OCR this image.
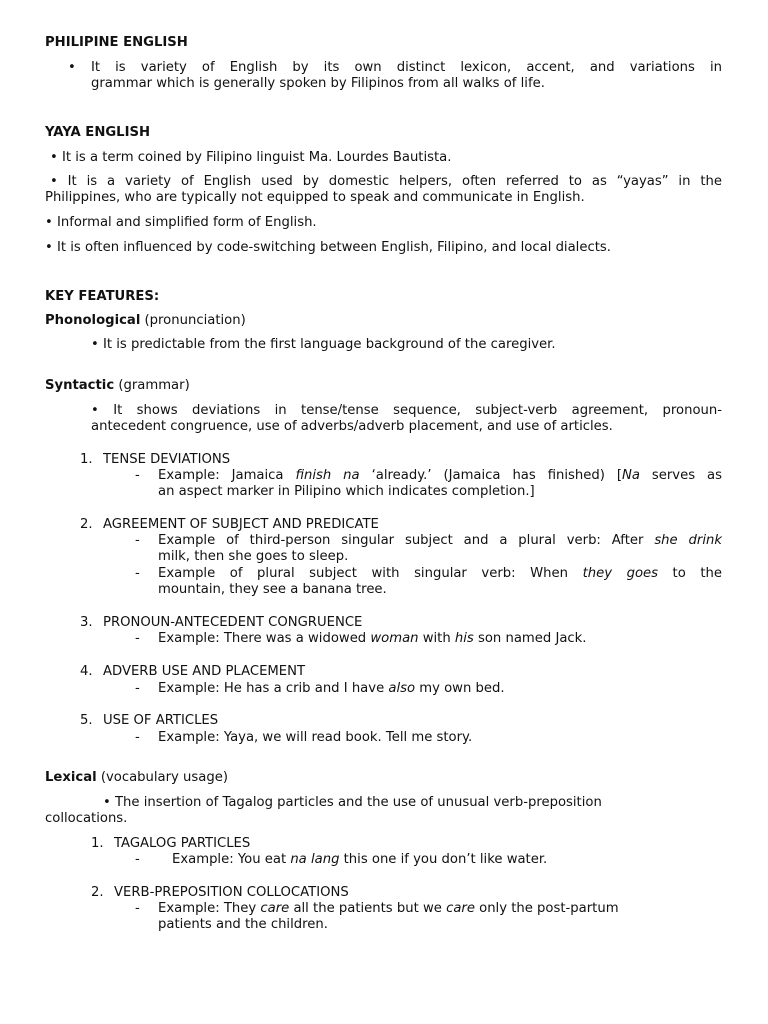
PHILIPINE ENGLISH
• It is variety of English by its own distinct lexicon, accent, and variations in
grammar which is generally spoken by Filipinos from all walks of life.
YAYA ENGLISH
• It is a term coined by Filipino linguist Ma. Lourdes Bautista.
• It is a variety of English used by domestic helpers, often referred to as “yayas” in the
Philippines, who are typically not equipped to speak and communicate in English.
• Informal and simplified form of English.
• It is often influenced by code-switching between English, Filipino, and local dialects.
KEY FEATURES:
Phonological (pronunciation)
• It is predictable from the first language background of the caregiver.
Syntactic (grammar)
• It shows deviations in tense/tense sequence, subject-verb agreement, pronoun-
antecedent congruence, use of adverbs/adverb placement, and use of articles.
1. TENSE DEVIATIONS
- Example: Jamaica finish na ‘already.’ (Jamaica has finished) [Na serves as
an aspect marker in Pilipino which indicates completion.]
2. AGREEMENT OF SUBJECT AND PREDICATE
- Example of third-person singular subject and a plural verb: After she drink
milk, then she goes to sleep.
- Example of plural subject with singular verb: When they goes to the
mountain, they see a banana tree.
3. PRONOUN-ANTECEDENT CONGRUENCE
- Example: There was a widowed woman with his son named Jack.
4. ADVERB USE AND PLACEMENT
- Example: He has a crib and I have also my own bed.
5. USE OF ARTICLES
- Example: Yaya, we will read book. Tell me story.
Lexical (vocabulary usage)
• The insertion of Tagalog particles and the use of unusual verb-preposition
collocations.
1. TAGALOG PARTICLES
- Example: You eat na lang this one if you don’t like water.
2. VERB-PREPOSITION COLLOCATIONS
- Example: They care all the patients but we care only the post-partum
patients and the children.
